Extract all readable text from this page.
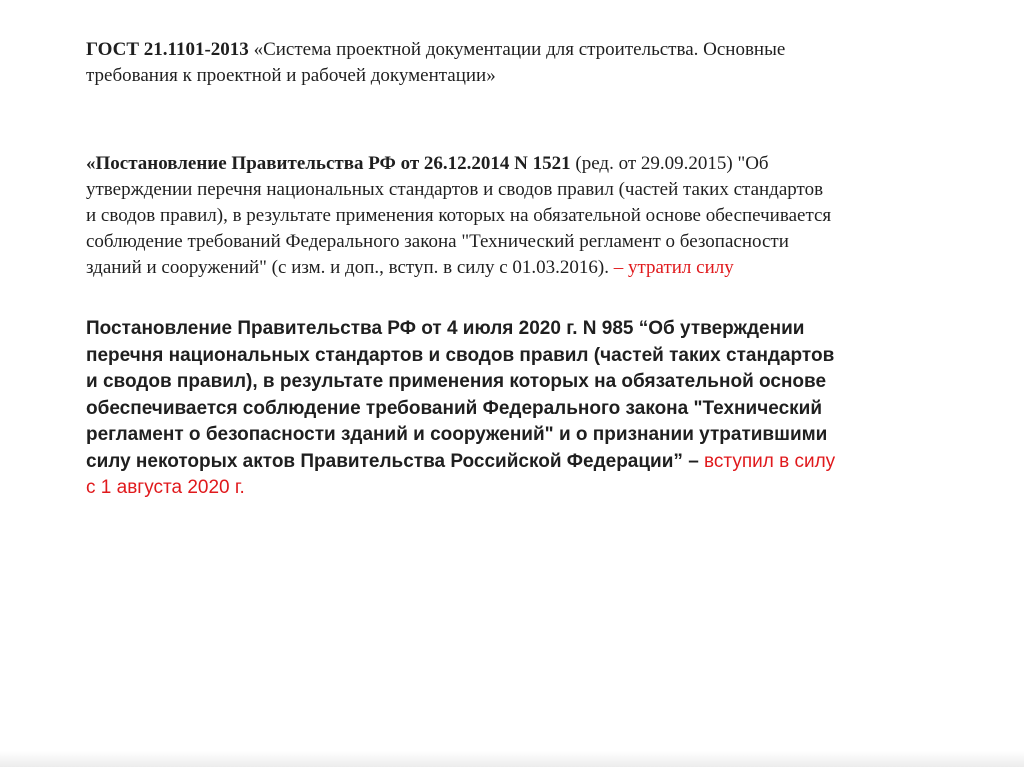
ГОСТ 21.1101-2013 «Система проектной документации для строительства. Основные
требования к проектной и рабочей документации»

«Постановление Правительства РФ от 26.12.2014 N 1521 (ред. от 29.09.2015) "Об
утверждении перечня национальных стандартов и сводов правил (частей таких стандартов
и сводов правил), в результате применения которых на обязательной основе обеспечивается
соблюдение требований Федерального закона "Технический регламент о безопасности
зданий и сооружений" (с изм. и доп., вступ. в силу с 01.03.2016). – утратил силу

Постановление Правительства РФ от 4 июля 2020 г. N 985 “Об утверждении
перечня национальных стандартов и сводов правил (частей таких стандартов
и сводов правил), в результате применения которых на обязательной основе
обеспечивается соблюдение требований Федерального закона "Технический
регламент о безопасности зданий и сооружений" и о признании утратившими
силу некоторых актов Правительства Российской Федерации” – вступил в силу
с 1 августа 2020 г.
